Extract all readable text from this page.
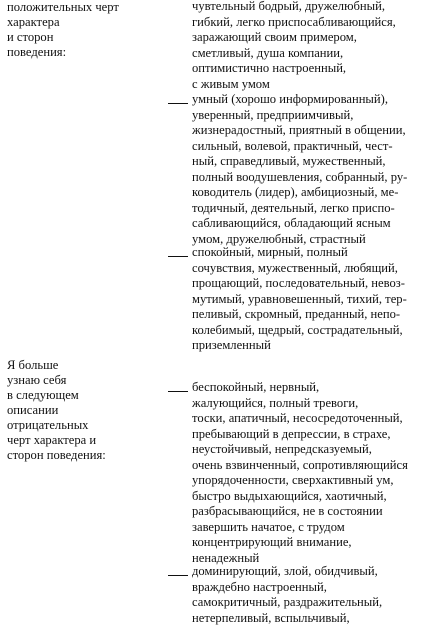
положительных черт
характера
и сторон
поведения:
Я больше
узнаю себя
в следующем
описании
отрицательных
черт характера и
сторон поведения:
чувтельный бодрый, дружелюбный,
гибкий, легко приспосабливающийся,
заражающий своим примером,
сметливый, душа компании,
оптимистично настроенный,
с живым умом
умный (хорошо информированный),
уверенный, предприимчивый,
жизнерадостный, приятный в общении,
сильный, волевой, практичный, чест-
ный, справедливый, мужественный,
полный воодушевления, собранный, ру-
ководитель (лидер), амбициозный, ме-
тодичный, деятельный, легко приспо-
сабливающийся, обладающий ясным
умом, дружелюбный, страстный
спокойный, мирный, полный
сочувствия, мужественный, любящий,
прощающий, последовательный, невоз-
мутимый, уравновешенный, тихий, тер-
пеливый, скромный, преданный, непо-
колебимый, щедрый, сострадательный,
приземленный
беспокойный, нервный,
жалующийся, полный тревоги,
тоски, апатичный, несосредоточенный,
пребывающий в депрессии, в страхе,
неустойчивый, непредсказуемый,
очень взвинченный, сопротивляющийся
упорядоченности, сверхактивный ум,
быстро выдыхающийся, хаотичный,
разбрасывающийся, не в состоянии
завершить начатое, с трудом
концентрирующий внимание,
ненадежный
доминирующий, злой, обидчивый,
враждебно настроенный,
самокритичный, раздражительный,
нетерпеливый, вспыльчивый,
